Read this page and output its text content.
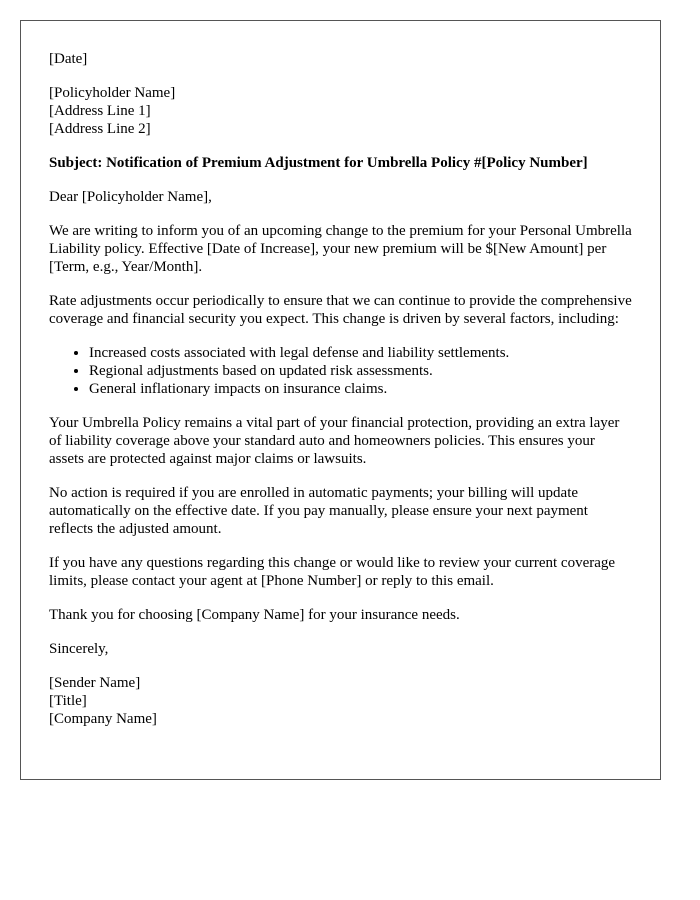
[Date]
[Policyholder Name]
[Address Line 1]
[Address Line 2]
Subject: Notification of Premium Adjustment for Umbrella Policy #[Policy Number]

Dear [Policyholder Name],

We are writing to inform you of an upcoming change to the premium for your Personal Umbrella Liability policy. Effective [Date of Increase], your new premium will be $[New Amount] per [Term, e.g., Year/Month].

Rate adjustments occur periodically to ensure that we can continue to provide the comprehensive coverage and financial security you expect. This change is driven by several factors, including:

• Increased costs associated with legal defense and liability settlements.
• Regional adjustments based on updated risk assessments.
• General inflationary impacts on insurance claims.

Your Umbrella Policy remains a vital part of your financial protection, providing an extra layer of liability coverage above your standard auto and homeowners policies. This ensures your assets are protected against major claims or lawsuits.

No action is required if you are enrolled in automatic payments; your billing will update automatically on the effective date. If you pay manually, please ensure your next payment reflects the adjusted amount.

If you have any questions regarding this change or would like to review your current coverage limits, please contact your agent at [Phone Number] or reply to this email.

Thank you for choosing [Company Name] for your insurance needs.

Sincerely,

[Sender Name]
[Title]
[Company Name]
